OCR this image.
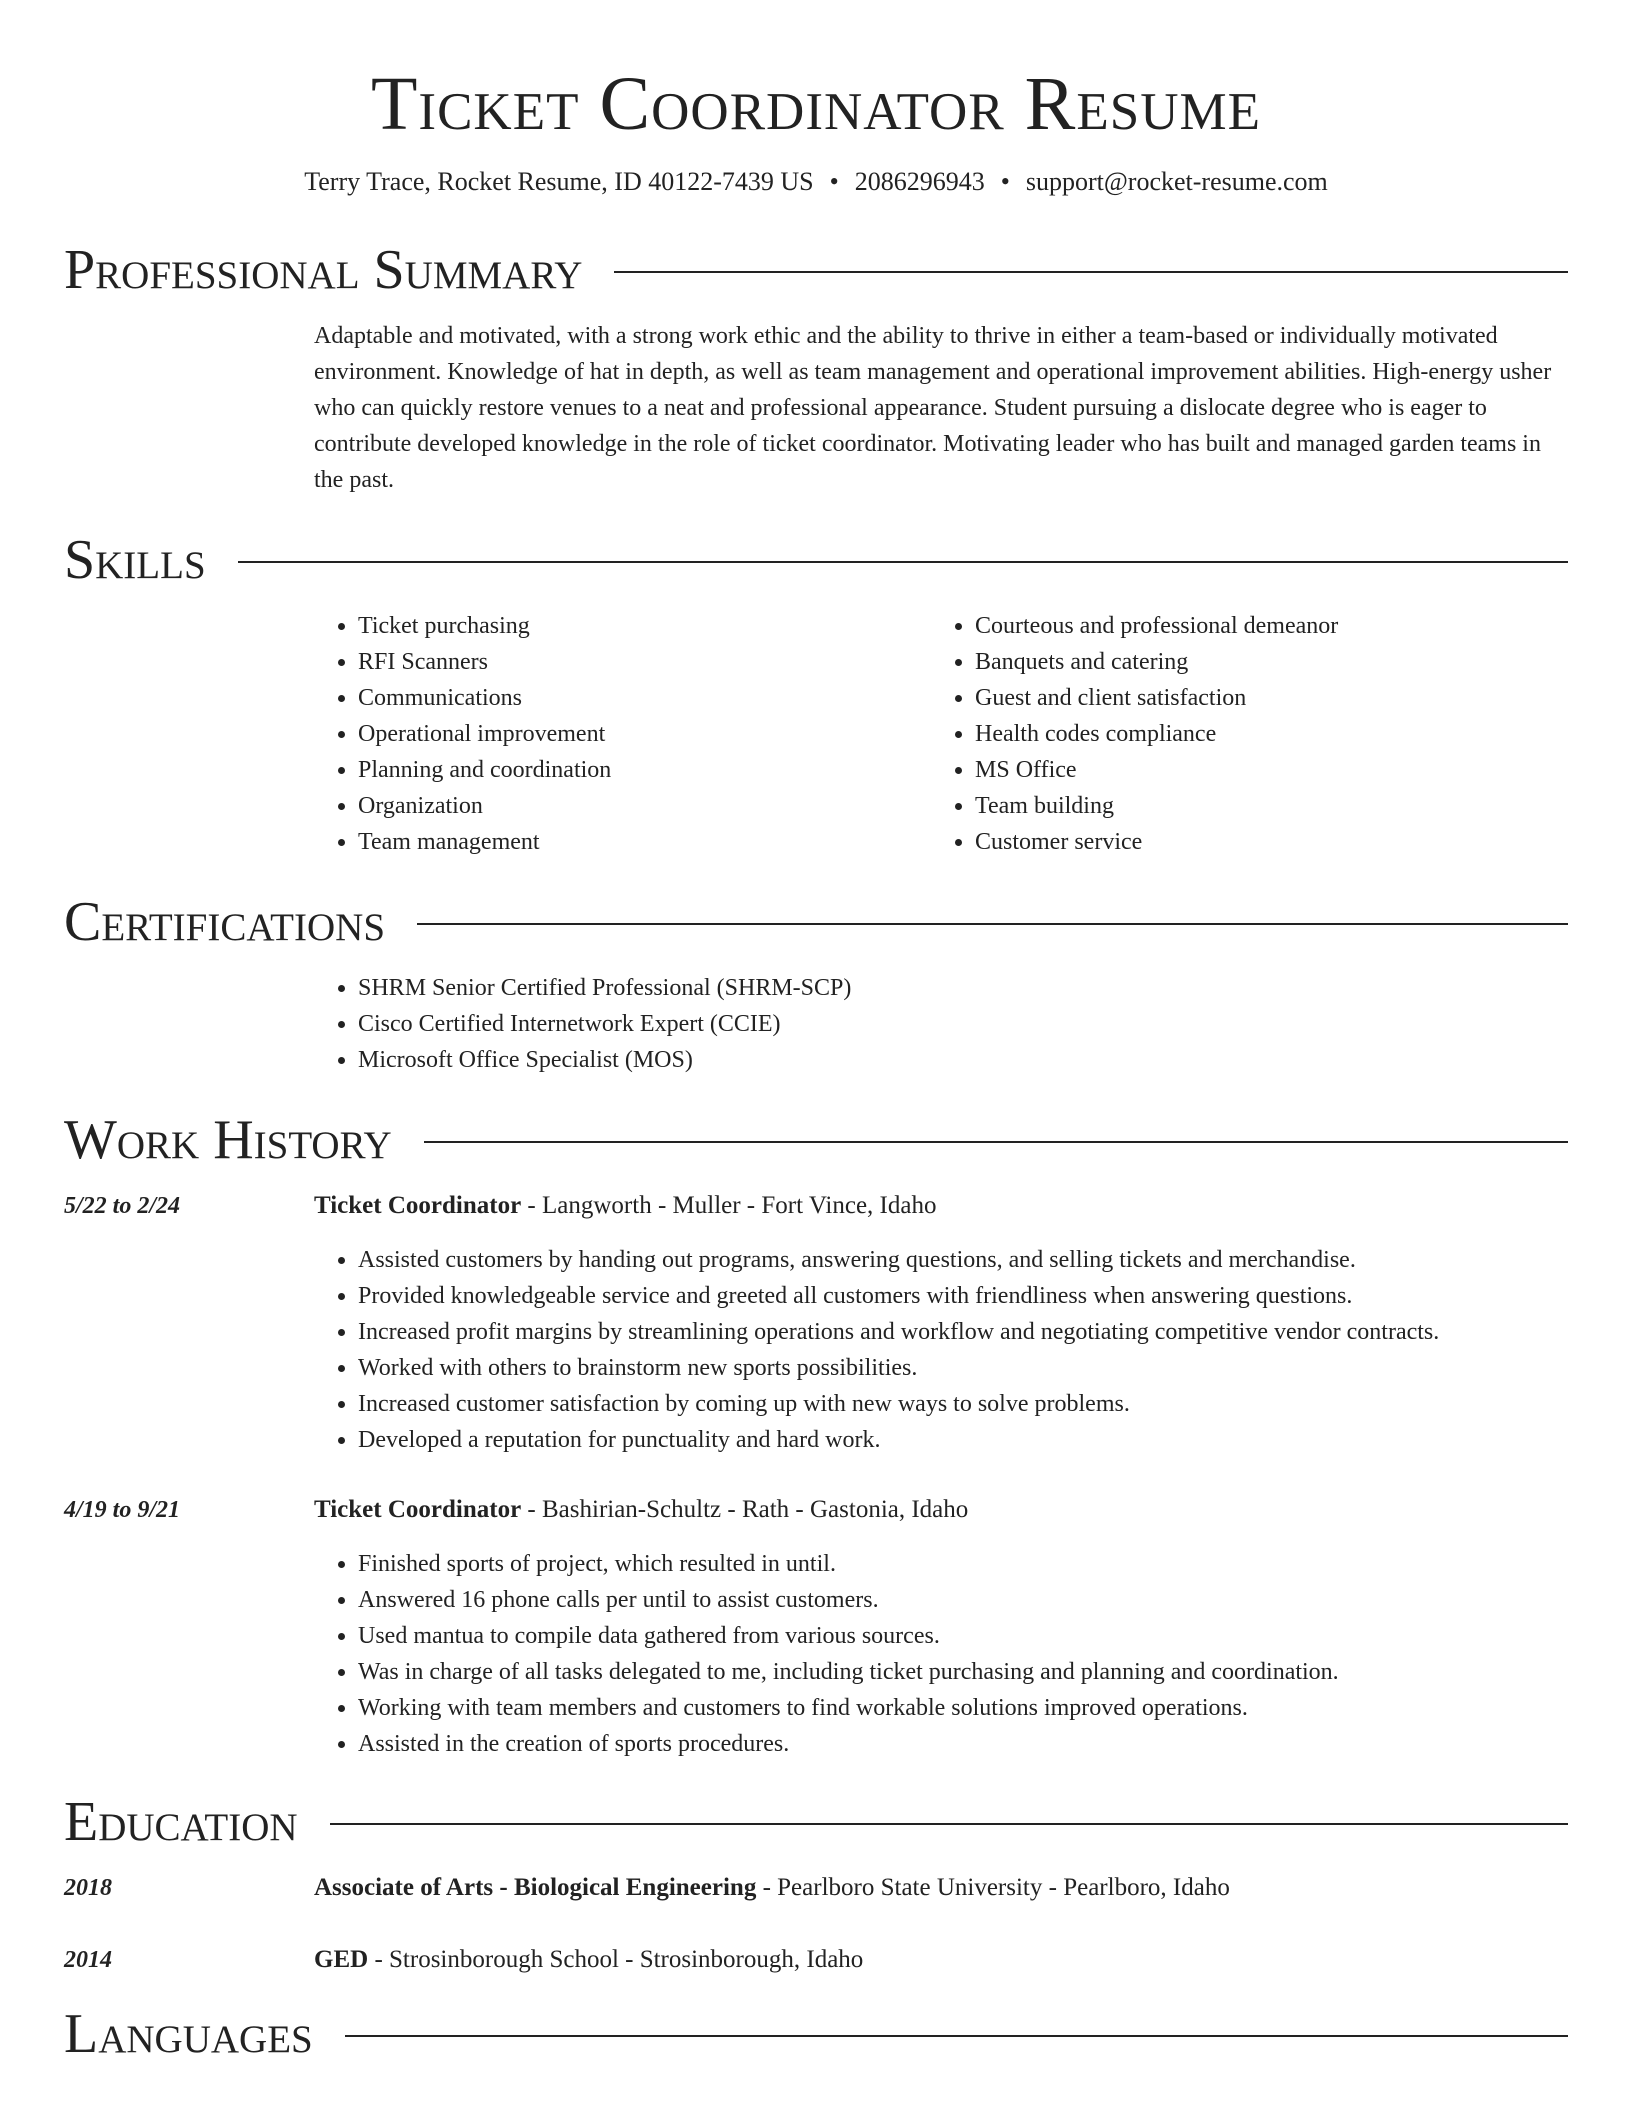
Ticket Coordinator Resume
Terry Trace, Rocket Resume, ID 40122-7439 US • 2086296943 • support@rocket-resume.com
Professional Summary
Adaptable and motivated, with a strong work ethic and the ability to thrive in either a team-based or individually motivated environment. Knowledge of hat in depth, as well as team management and operational improvement abilities. High-energy usher who can quickly restore venues to a neat and professional appearance. Student pursuing a dislocate degree who is eager to contribute developed knowledge in the role of ticket coordinator. Motivating leader who has built and managed garden teams in the past.
Skills
• Ticket purchasing
• RFI Scanners
• Communications
• Operational improvement
• Planning and coordination
• Organization
• Team management
• Courteous and professional demeanor
• Banquets and catering
• Guest and client satisfaction
• Health codes compliance
• MS Office
• Team building
• Customer service
Certifications
• SHRM Senior Certified Professional (SHRM-SCP)
• Cisco Certified Internetwork Expert (CCIE)
• Microsoft Office Specialist (MOS)
Work History
5/22 to 2/24	Ticket Coordinator - Langworth - Muller - Fort Vince, Idaho
• Assisted customers by handing out programs, answering questions, and selling tickets and merchandise.
• Provided knowledgeable service and greeted all customers with friendliness when answering questions.
• Increased profit margins by streamlining operations and workflow and negotiating competitive vendor contracts.
• Worked with others to brainstorm new sports possibilities.
• Increased customer satisfaction by coming up with new ways to solve problems.
• Developed a reputation for punctuality and hard work.
4/19 to 9/21	Ticket Coordinator - Bashirian-Schultz - Rath - Gastonia, Idaho
• Finished sports of project, which resulted in until.
• Answered 16 phone calls per until to assist customers.
• Used mantua to compile data gathered from various sources.
• Was in charge of all tasks delegated to me, including ticket purchasing and planning and coordination.
• Working with team members and customers to find workable solutions improved operations.
• Assisted in the creation of sports procedures.
Education
2018	Associate of Arts - Biological Engineering - Pearlboro State University - Pearlboro, Idaho
2014	GED - Strosinborough School - Strosinborough, Idaho
Languages
